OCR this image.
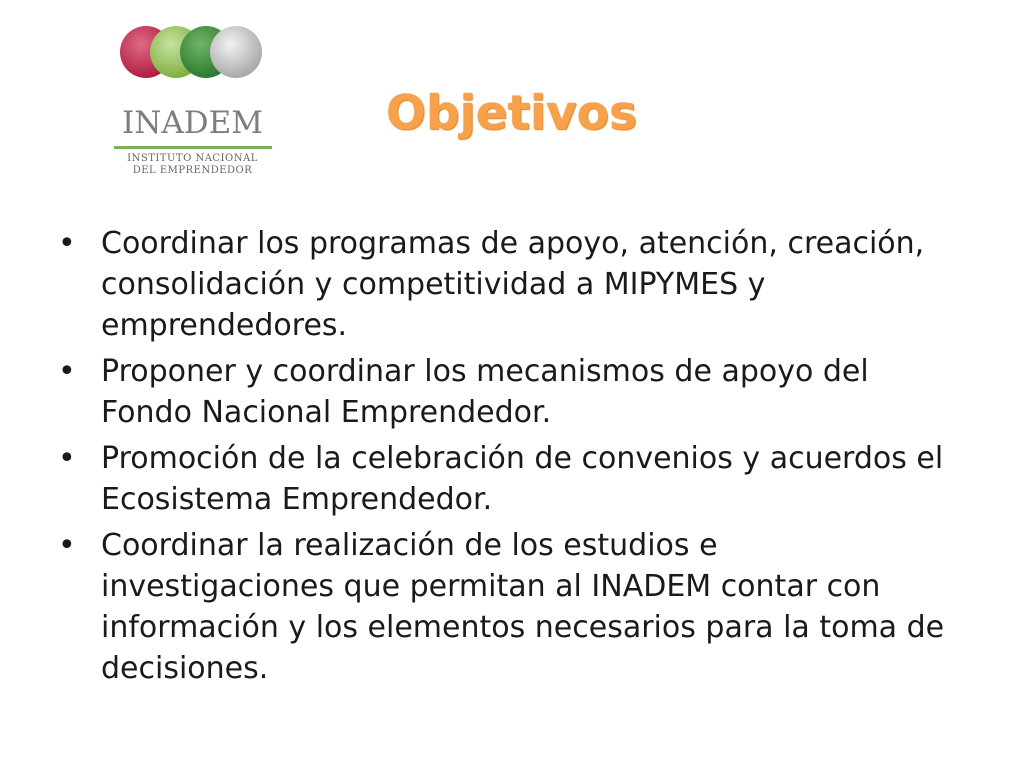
INADEM
INSTITUTO NACIONAL
DEL EMPRENDEDOR
Objetivos
• Coordinar los programas de apoyo, atención, creación, consolidación y competitividad a MIPYMES y emprendedores.
• Proponer y coordinar los mecanismos de apoyo del Fondo Nacional Emprendedor.
• Promoción de la celebración de convenios y acuerdos el Ecosistema Emprendedor.
• Coordinar la realización de los estudios e investigaciones que permitan al INADEM contar con información y los elementos necesarios para la toma de decisiones.
